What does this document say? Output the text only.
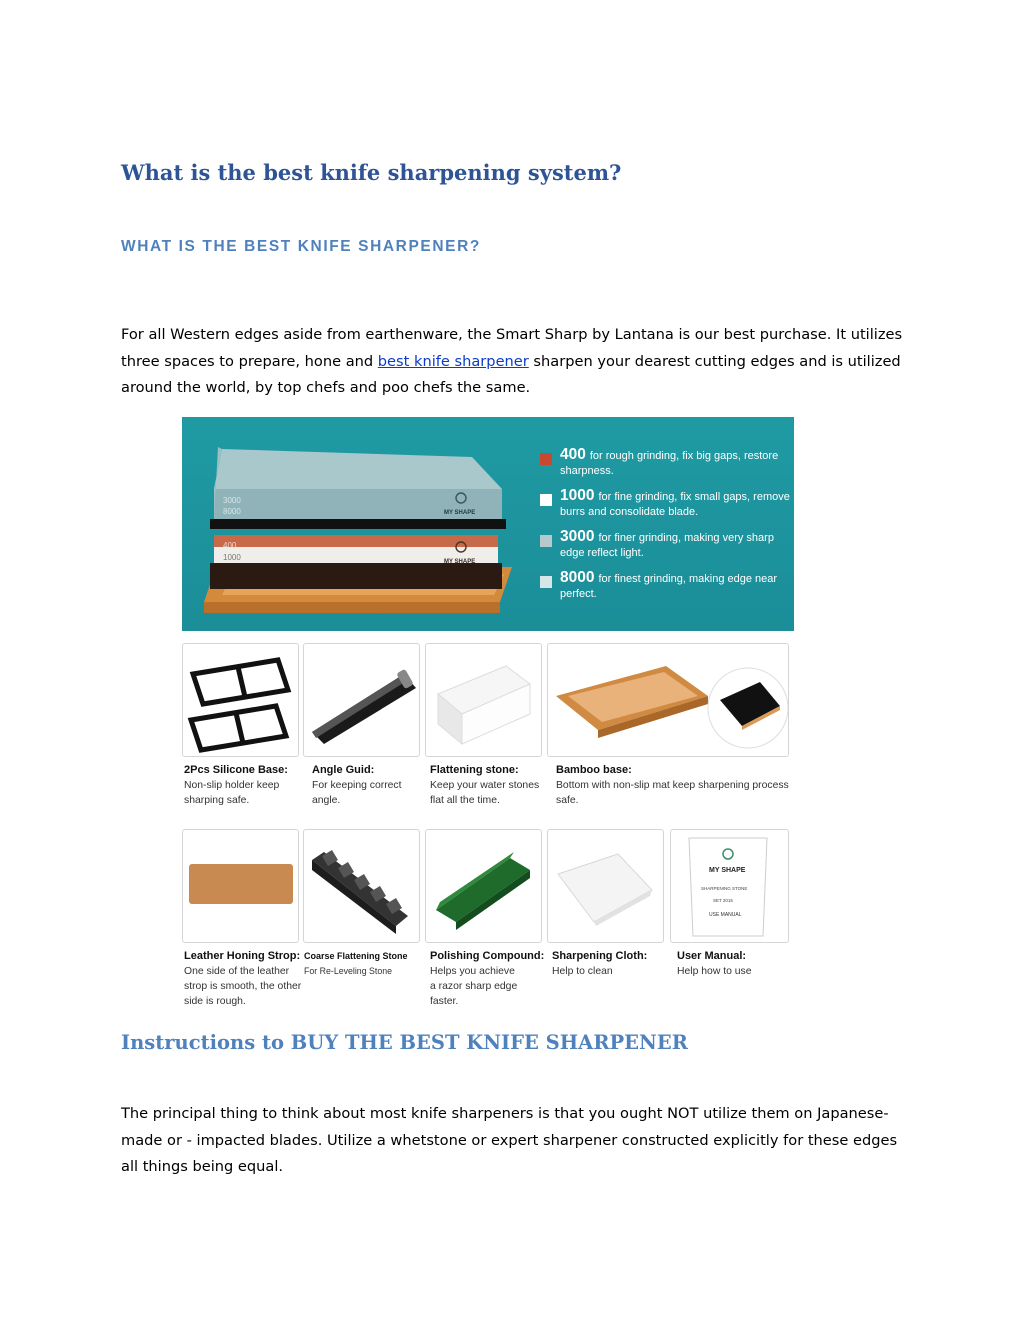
What is the best knife sharpening system?
WHAT IS THE BEST KNIFE SHARPENER?

For all Western edges aside from earthenware, the Smart Sharp by Lantana is our best purchase. It utilizes three spaces to prepare, hone and best knife sharpener sharpen your dearest cutting edges and is utilized around the world, by top chefs and poo chefs the same.

3000
8000
400
1000
MY SHAPE
MY SHAPE
400 for rough grinding, fix big gaps, restore sharpness.
1000 for fine grinding, fix small gaps, remove burrs and consolidate blade.
3000 for finer grinding, making very sharp edge reflect light.
8000 for finest grinding, making edge near perfect.
2Pcs Silicone Base:
Non-slip holder keep sharping safe.
Angle Guid:
For keeping correct angle.
Flattening stone:
Keep your water stones flat all the time.
Bamboo base:
Bottom with non-slip mat keep sharpening process safe.
MY SHAPE
SHARPENING STONE
SET 2015
USE MANUAL
Leather Honing Strop:
One side of the leather strop is smooth, the other side is rough.
Coarse Flattening Stone
For Re-Leveling Stone
Polishing Compound:
Helps you achieve a razor sharp edge faster.
Sharpening Cloth:
Help to clean
User Manual:
Help how to use
Instructions to BUY THE BEST KNIFE SHARPENER

The principal thing to think about most knife sharpeners is that you ought NOT utilize them on Japanese-made or - impacted blades. Utilize a whetstone or expert sharpener constructed explicitly for these edges all things being equal.
